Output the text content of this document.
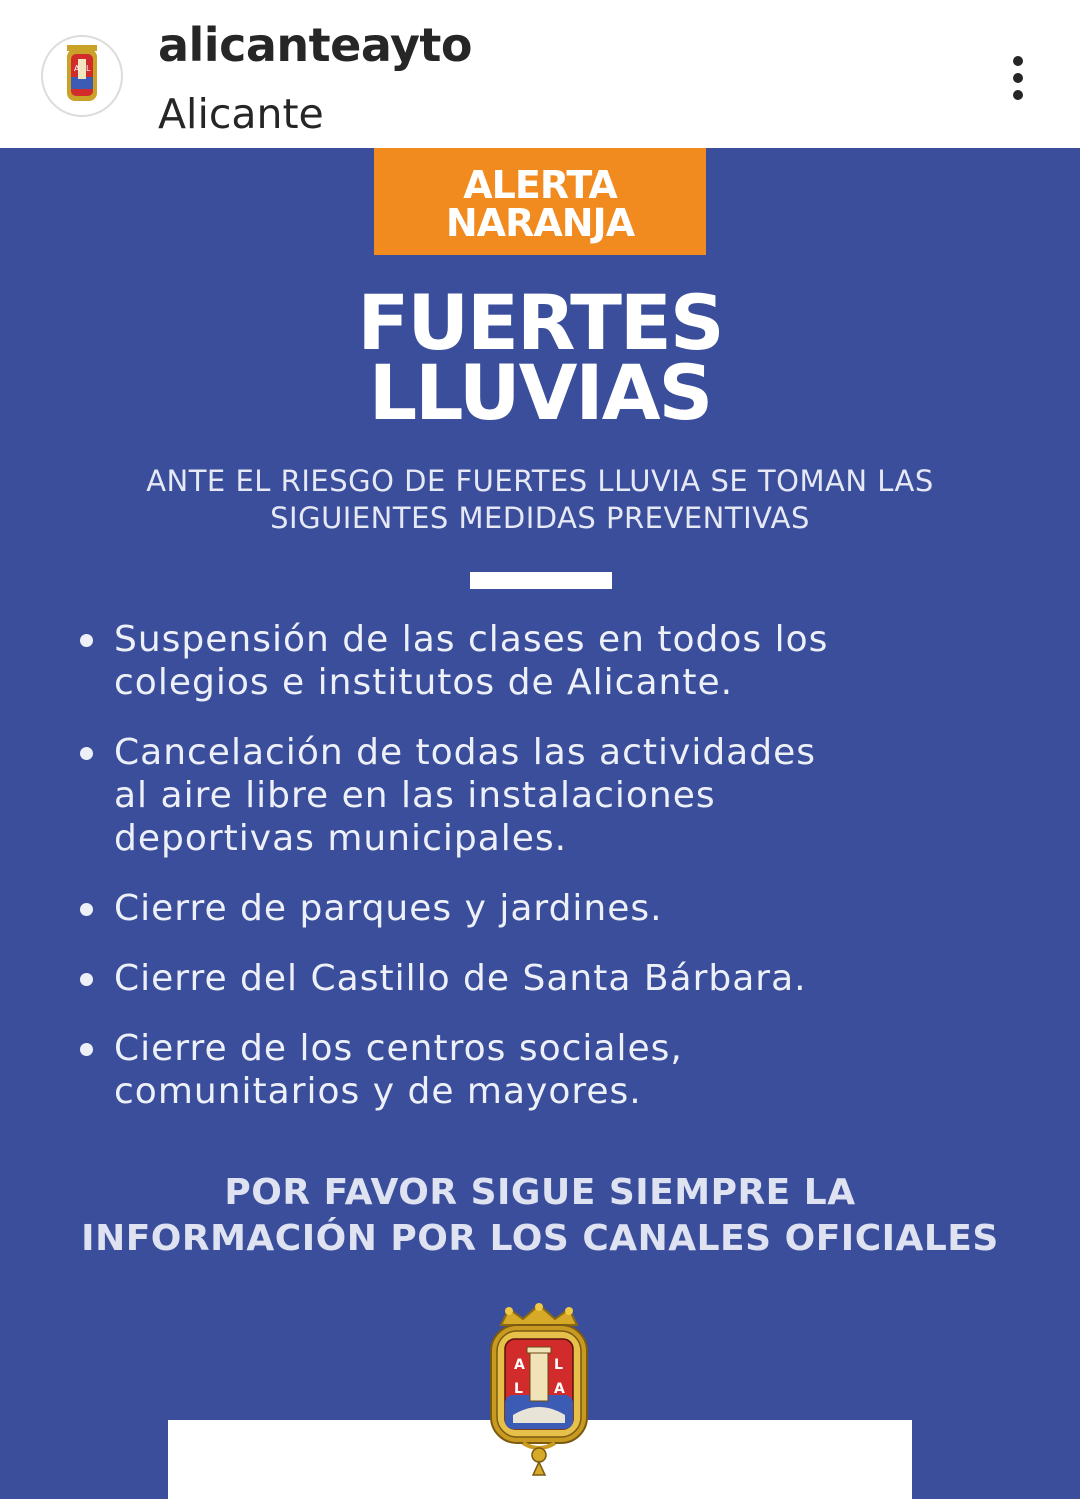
A L alicanteayto
Alicante
ALERTA
NARANJA
FUERTES
LLUVIAS
ANTE EL RIESGO DE FUERTES LLUVIA SE TOMAN LAS
SIGUIENTES MEDIDAS PREVENTIVAS
Suspensión de las clases en todos los
colegios e institutos de Alicante.
Cancelación de todas las actividades
al aire libre en las instalaciones
deportivas municipales.
Cierre de parques y jardines.
Cierre del Castillo de Santa Bárbara.
Cierre de los centros sociales,
comunitarios y de mayores.
POR FAVOR SIGUE SIEMPRE LA
INFORMACIÓN POR LOS CANALES OFICIALES
A L
L A
